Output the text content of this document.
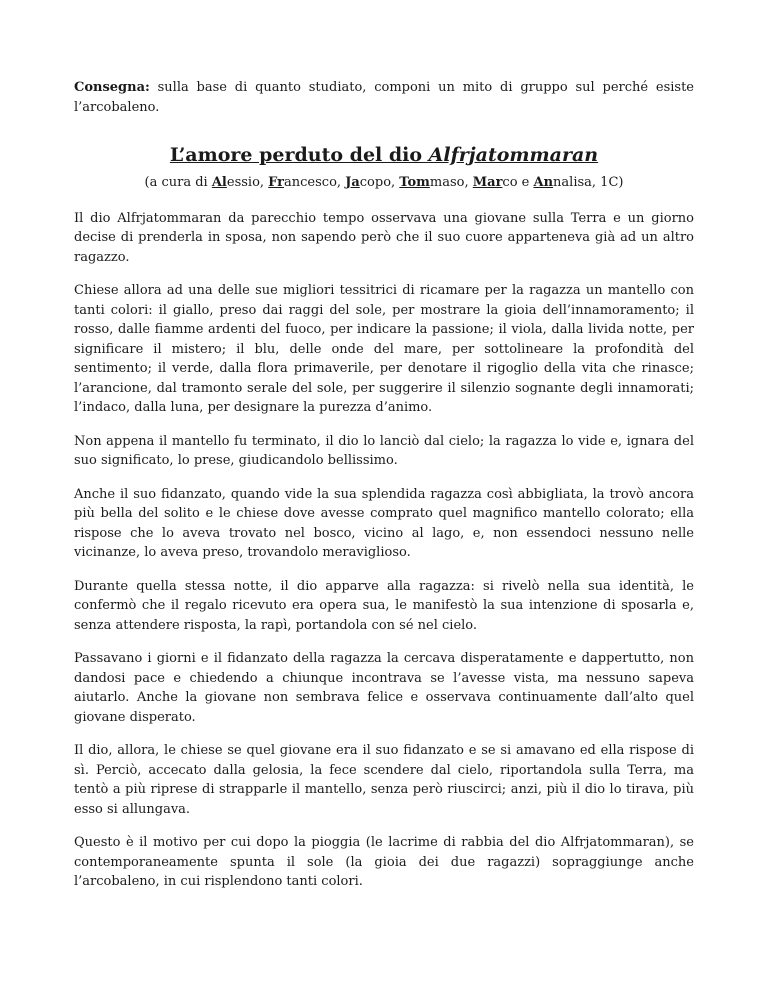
Consegna: sulla base di quanto studiato, componi un mito di gruppo sul perché esiste l’arcobaleno.

L’amore perduto del dio Alfrjatommaran

(a cura di Alessio, Francesco, Jacopo, Tommaso, Marco e Annalisa, 1C)

Il dio Alfrjatommaran da parecchio tempo osservava una giovane sulla Terra e un giorno decise di prenderla in sposa, non sapendo però che il suo cuore apparteneva già ad un altro ragazzo.

Chiese allora ad una delle sue migliori tessitrici di ricamare per la ragazza un mantello con tanti colori: il giallo, preso dai raggi del sole, per mostrare la gioia dell’innamoramento; il rosso, dalle fiamme ardenti del fuoco, per indicare la passione; il viola, dalla livida notte, per significare il mistero; il blu, delle onde del mare, per sottolineare la profondità del sentimento; il verde, dalla flora primaverile, per denotare il rigoglio della vita che rinasce; l’arancione, dal tramonto serale del sole, per suggerire il silenzio sognante degli innamorati; l’indaco, dalla luna, per designare la purezza d’animo.

Non appena il mantello fu terminato, il dio lo lanciò dal cielo; la ragazza lo vide e, ignara del suo significato, lo prese, giudicandolo bellissimo.

Anche il suo fidanzato, quando vide la sua splendida ragazza così abbigliata, la trovò ancora più bella del solito e le chiese dove avesse comprato quel magnifico mantello colorato; ella rispose che lo aveva trovato nel bosco, vicino al lago, e, non essendoci nessuno nelle vicinanze, lo aveva preso, trovandolo meraviglioso.

Durante quella stessa notte, il dio apparve alla ragazza: si rivelò nella sua identità, le confermò che il regalo ricevuto era opera sua, le manifestò la sua intenzione di sposarla e, senza attendere risposta, la rapì, portandola con sé nel cielo.

Passavano i giorni e il fidanzato della ragazza la cercava disperatamente e dappertutto, non dandosi pace e chiedendo a chiunque incontrava se l’avesse vista, ma nessuno sapeva aiutarlo. Anche la giovane non sembrava felice e osservava continuamente dall’alto quel giovane disperato.

Il dio, allora, le chiese se quel giovane era il suo fidanzato e se si amavano ed ella rispose di sì. Perciò, accecato dalla gelosia, la fece scendere dal cielo, riportandola sulla Terra, ma tentò a più riprese di strapparle il mantello, senza però riuscirci; anzi, più il dio lo tirava, più esso si allungava.

Questo è il motivo per cui dopo la pioggia (le lacrime di rabbia del dio Alfrjatommaran), se contemporaneamente spunta il sole (la gioia dei due ragazzi) sopraggiunge anche l’arcobaleno, in cui risplendono tanti colori.
